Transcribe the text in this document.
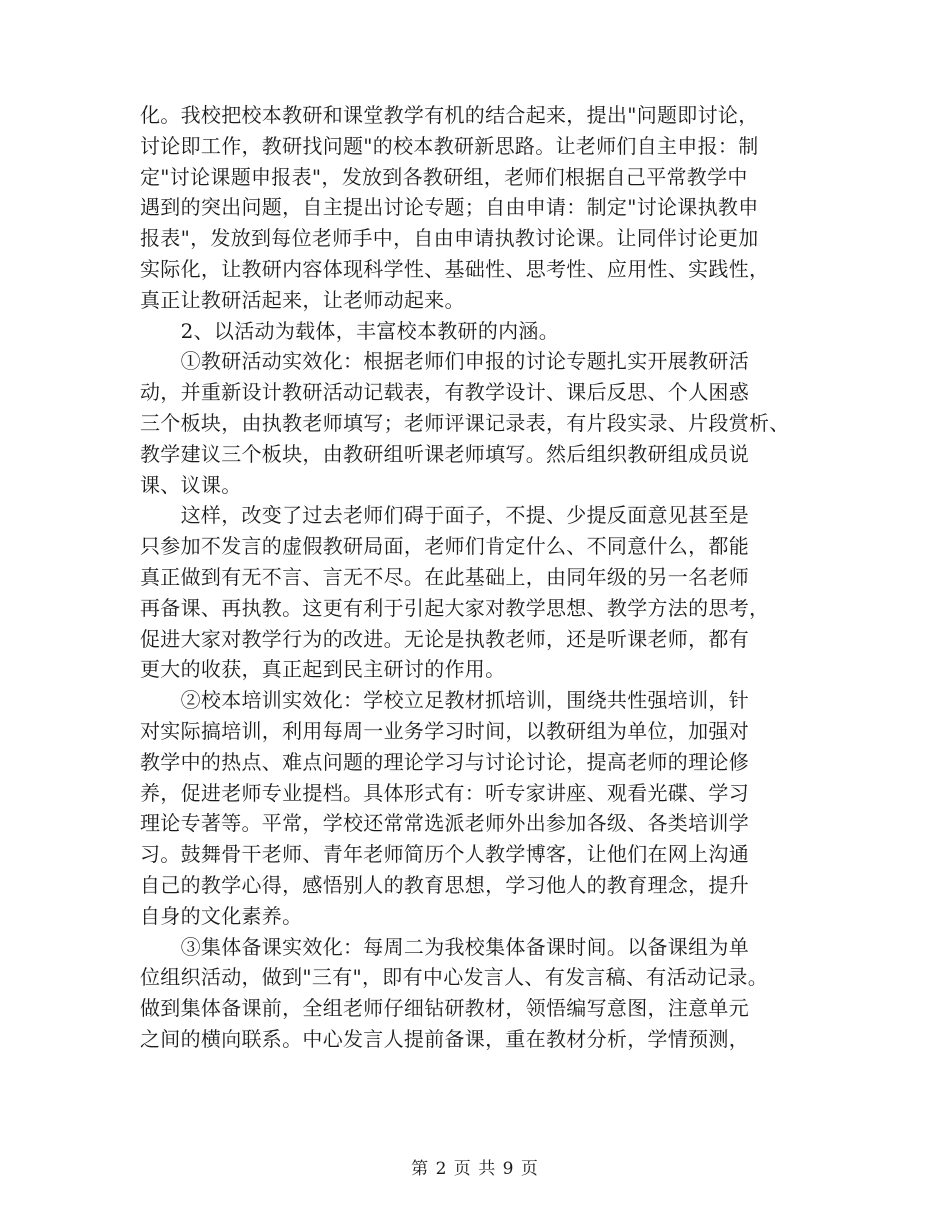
化。我校把校本教研和课堂教学有机的结合起来，提出"问题即讨论，
讨论即工作，教研找问题"的校本教研新思路。让老师们自主申报：制
定"讨论课题申报表"，发放到各教研组，老师们根据自己平常教学中
遇到的突出问题，自主提出讨论专题；自由申请：制定"讨论课执教申
报表"，发放到每位老师手中，自由申请执教讨论课。让同伴讨论更加
实际化，让教研内容体现科学性、基础性、思考性、应用性、实践性，
真正让教研活起来，让老师动起来。
　　2、以活动为载体，丰富校本教研的内涵。
　　①教研活动实效化：根据老师们申报的讨论专题扎实开展教研活
动，并重新设计教研活动记载表，有教学设计、课后反思、个人困惑
三个板块，由执教老师填写；老师评课记录表，有片段实录、片段赏析、
教学建议三个板块，由教研组听课老师填写。然后组织教研组成员说
课、议课。
　　这样，改变了过去老师们碍于面子，不提、少提反面意见甚至是
只参加不发言的虚假教研局面，老师们肯定什么、不同意什么，都能
真正做到有无不言、言无不尽。在此基础上，由同年级的另一名老师
再备课、再执教。这更有利于引起大家对教学思想、教学方法的思考，
促进大家对教学行为的改进。无论是执教老师，还是听课老师，都有
更大的收获，真正起到民主研讨的作用。
　　②校本培训实效化：学校立足教材抓培训，围绕共性强培训，针
对实际搞培训，利用每周一业务学习时间，以教研组为单位，加强对
教学中的热点、难点问题的理论学习与讨论讨论，提高老师的理论修
养，促进老师专业提档。具体形式有：听专家讲座、观看光碟、学习
理论专著等。平常，学校还常常选派老师外出参加各级、各类培训学
习。鼓舞骨干老师、青年老师简历个人教学博客，让他们在网上沟通
自己的教学心得，感悟别人的教育思想，学习他人的教育理念，提升
自身的文化素养。
　　③集体备课实效化：每周二为我校集体备课时间。以备课组为单
位组织活动，做到"三有"，即有中心发言人、有发言稿、有活动记录。
做到集体备课前，全组老师仔细钻研教材，领悟编写意图，注意单元
之间的横向联系。中心发言人提前备课，重在教材分析，学情预测，
第 2 页 共 9 页
